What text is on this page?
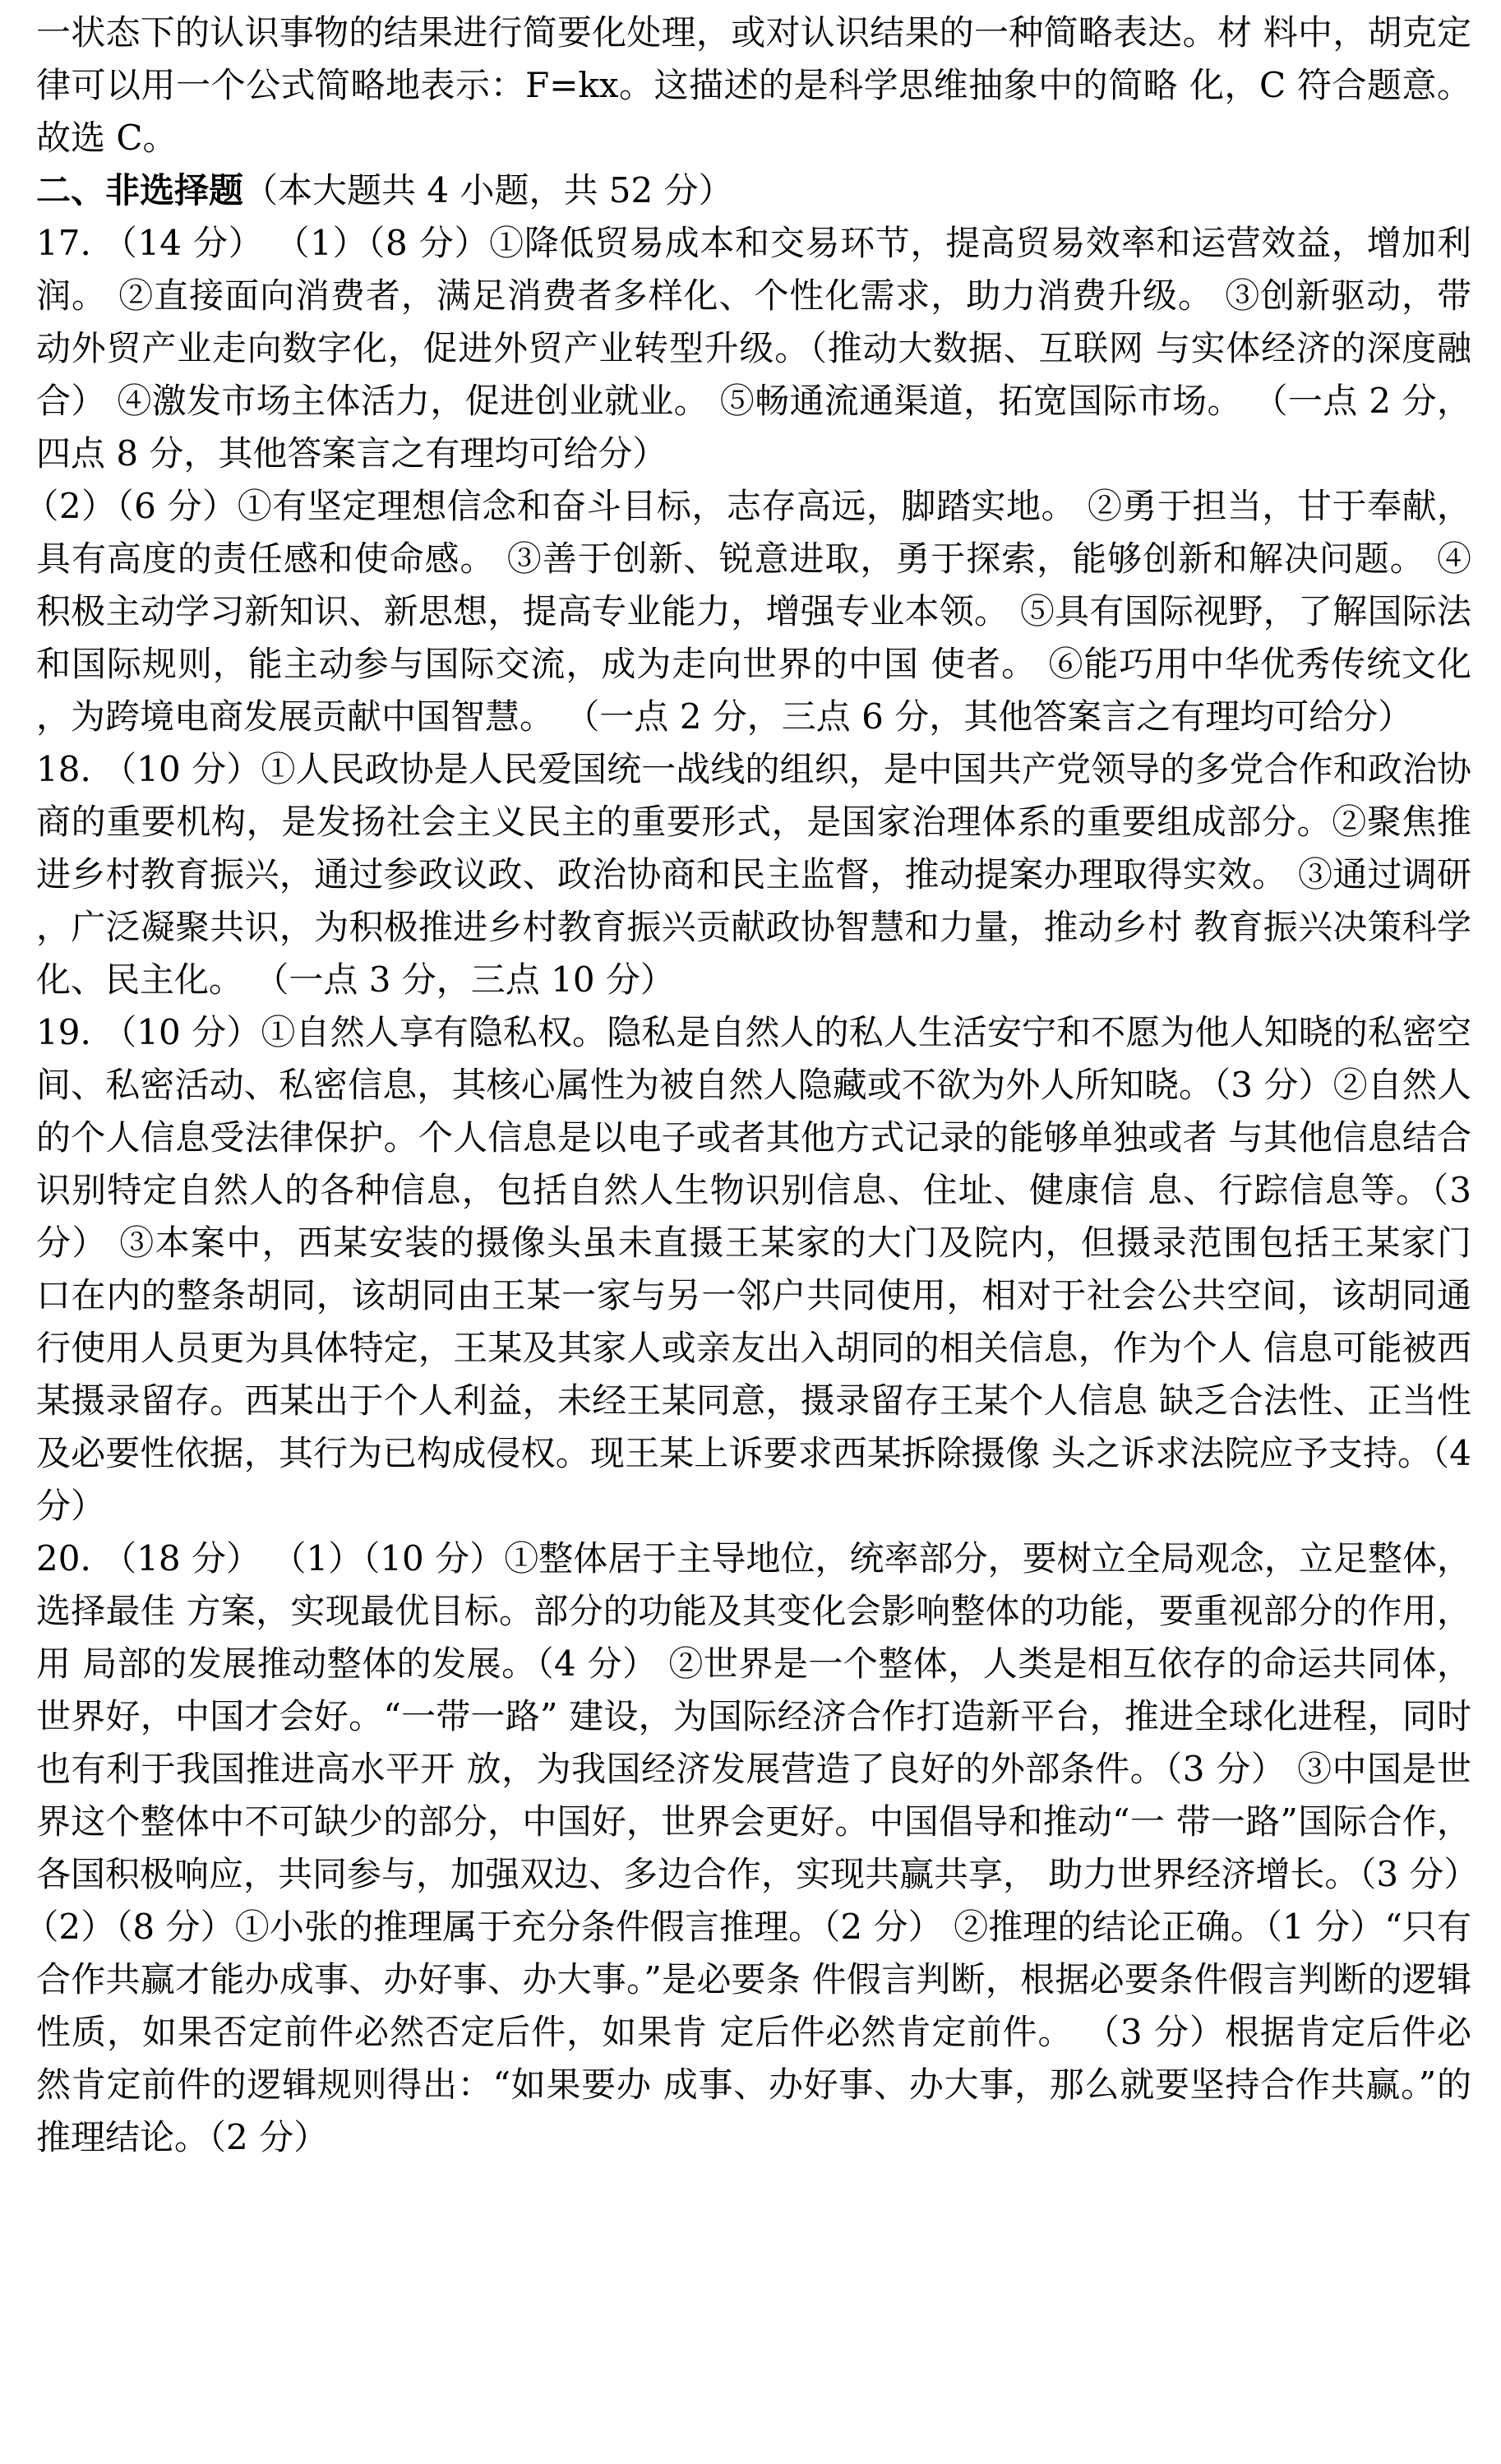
一状态下的认识事物的结果进行简要化处理，或对认识结果的一种简略表达。材 料中，胡克定律可以用一个公式简略地表示：F=kx。这描述的是科学思维抽象中的简略 化，C 符合题意。故选 C。

二、非选择题（本大题共 4 小题，共 52 分）

17. （14 分） （1）（8 分）①降低贸易成本和交易环节，提高贸易效率和运营效益，增加利润。 ②直接面向消费者，满足消费者多样化、个性化需求，助力消费升级。 ③创新驱动，带动外贸产业走向数字化，促进外贸产业转型升级。（推动大数据、互联网 与实体经济的深度融合） ④激发市场主体活力，促进创业就业。 ⑤畅通流通渠道，拓宽国际市场。 （一点 2 分，四点 8 分，其他答案言之有理均可给分）

（2）（6 分）①有坚定理想信念和奋斗目标，志存高远，脚踏实地。 ②勇于担当，甘于奉献，具有高度的责任感和使命感。 ③善于创新、锐意进取，勇于探索，能够创新和解决问题。 ④积极主动学习新知识、新思想，提高专业能力，增强专业本领。 ⑤具有国际视野，了解国际法和国际规则，能主动参与国际交流，成为走向世界的中国 使者。 ⑥能巧用中华优秀传统文化，为跨境电商发展贡献中国智慧。 （一点 2 分，三点 6 分，其他答案言之有理均可给分）

18. （10 分）①人民政协是人民爱国统一战线的组织，是中国共产党领导的多党合作和政治协 商的重要机构，是发扬社会主义民主的重要形式，是国家治理体系的重要组成部分。②聚焦推进乡村教育振兴，通过参政议政、政治协商和民主监督，推动提案办理取得实效。 ③通过调研，广泛凝聚共识，为积极推进乡村教育振兴贡献政协智慧和力量，推动乡村 教育振兴决策科学化、民主化。 （一点 3 分，三点 10 分）

19. （10 分）①自然人享有隐私权。隐私是自然人的私人生活安宁和不愿为他人知晓的私密空 间、私密活动、私密信息，其核心属性为被自然人隐藏或不欲为外人所知晓。（3 分）②自然人的个人信息受法律保护。个人信息是以电子或者其他方式记录的能够单独或者 与其他信息结合识别特定自然人的各种信息，包括自然人生物识别信息、住址、健康信 息、行踪信息等。（3 分） ③本案中，西某安装的摄像头虽未直摄王某家的大门及院内，但摄录范围包括王某家门 口在内的整条胡同，该胡同由王某一家与另一邻户共同使用，相对于社会公共空间，该胡同通行使用人员更为具体特定，王某及其家人或亲友出入胡同的相关信息，作为个人 信息可能被西某摄录留存。西某出于个人利益，未经王某同意，摄录留存王某个人信息 缺乏合法性、正当性及必要性依据，其行为已构成侵权。现王某上诉要求西某拆除摄像 头之诉求法院应予支持。（4 分）

20. （18 分） （1）（10 分）①整体居于主导地位，统率部分，要树立全局观念，立足整体，选择最佳 方案，实现最优目标。部分的功能及其变化会影响整体的功能，要重视部分的作用，用 局部的发展推动整体的发展。（4 分） ②世界是一个整体，人类是相互依存的命运共同体，世界好，中国才会好。“一带一路” 建设，为国际经济合作打造新平台，推进全球化进程，同时也有利于我国推进高水平开 放，为我国经济发展营造了良好的外部条件。（3 分） ③中国是世界这个整体中不可缺少的部分，中国好，世界会更好。中国倡导和推动“一 带一路”国际合作，各国积极响应，共同参与，加强双边、多边合作，实现共赢共享， 助力世界经济增长。（3 分）

（2）（8 分）①小张的推理属于充分条件假言推理。（2 分） ②推理的结论正确。（1 分）“只有合作共赢才能办成事、办好事、办大事。”是必要条 件假言判断，根据必要条件假言判断的逻辑性质，如果否定前件必然否定后件，如果肯 定后件必然肯定前件。 （3 分）根据肯定后件必然肯定前件的逻辑规则得出：“如果要办 成事、办好事、办大事，那么就要坚持合作共赢。”的推理结论。（2 分）
